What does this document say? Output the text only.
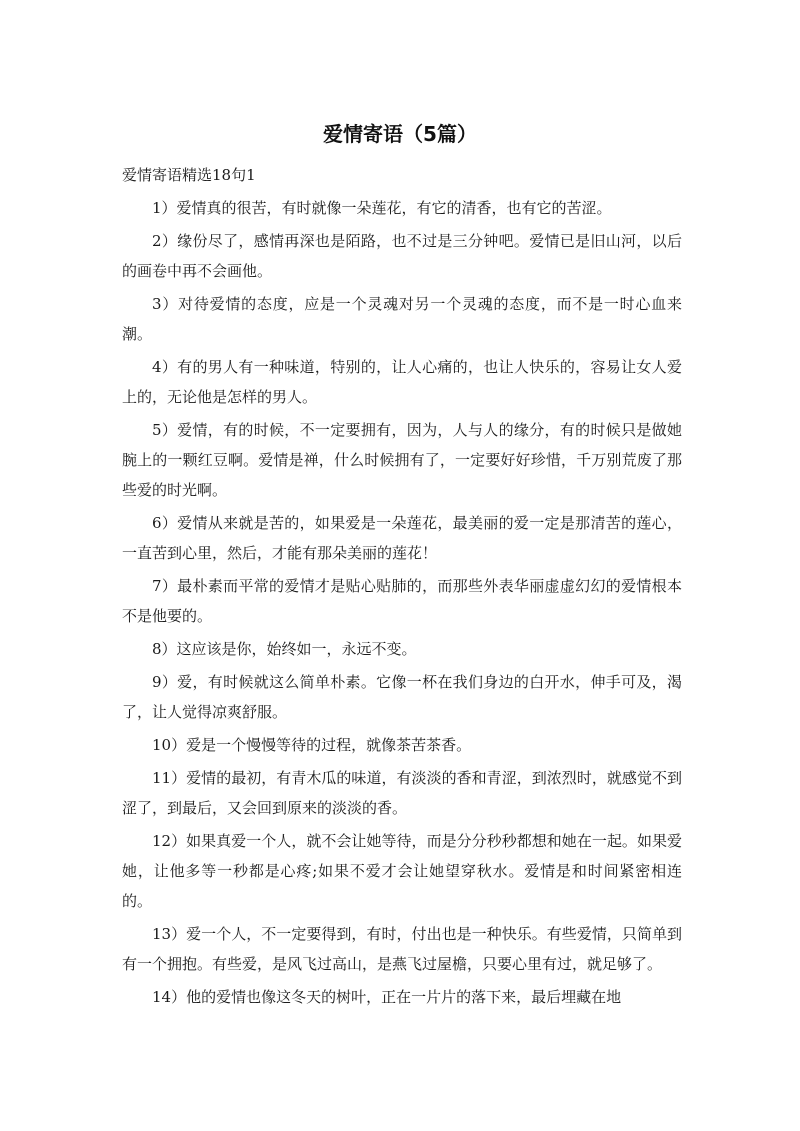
爱情寄语（5篇）
爱情寄语精选18句1

1）爱情真的很苦，有时就像一朵莲花，有它的清香，也有它的苦涩。

2）缘份尽了，感情再深也是陌路，也不过是三分钟吧。爱情已是旧山河，以后的画卷中再不会画他。

3）对待爱情的态度，应是一个灵魂对另一个灵魂的态度，而不是一时心血来潮。

4）有的男人有一种味道，特别的，让人心痛的，也让人快乐的，容易让女人爱上的，无论他是怎样的男人。

5）爱情，有的时候，不一定要拥有，因为，人与人的缘分，有的时候只是做她腕上的一颗红豆啊。爱情是禅，什么时候拥有了，一定要好好珍惜，千万别荒废了那些爱的时光啊。

6）爱情从来就是苦的，如果爱是一朵莲花，最美丽的爱一定是那清苦的莲心，一直苦到心里，然后，才能有那朵美丽的莲花！

7）最朴素而平常的爱情才是贴心贴肺的，而那些外表华丽虚虚幻幻的爱情根本不是他要的。

8）这应该是你，始终如一，永远不变。

9）爱，有时候就这么简单朴素。它像一杯在我们身边的白开水，伸手可及，渴了，让人觉得凉爽舒服。

10）爱是一个慢慢等待的过程，就像茶苦茶香。

11）爱情的最初，有青木瓜的味道，有淡淡的香和青涩，到浓烈时，就感觉不到涩了，到最后，又会回到原来的淡淡的香。

12）如果真爱一个人，就不会让她等待，而是分分秒秒都想和她在一起。如果爱她，让他多等一秒都是心疼;如果不爱才会让她望穿秋水。爱情是和时间紧密相连的。

13）爱一个人，不一定要得到，有时，付出也是一种快乐。有些爱情，只简单到有一个拥抱。有些爱，是风飞过高山，是燕飞过屋檐，只要心里有过，就足够了。

14）他的爱情也像这冬天的树叶，正在一片片的落下来，最后埋藏在地
